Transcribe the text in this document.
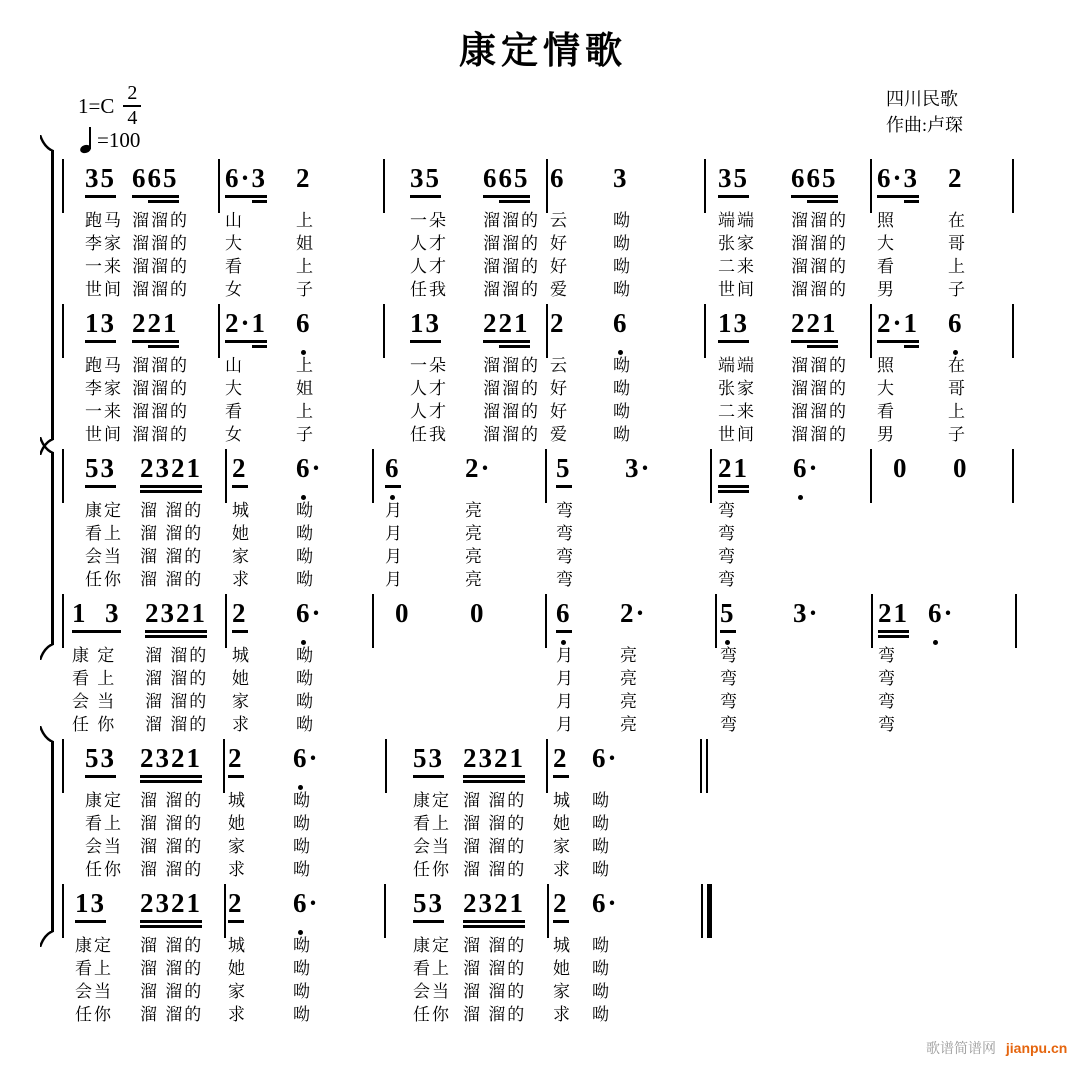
康定情歌
$1=C \frac{2}{4}$
=100
四川民歌
作曲:卢琛
35
跑马
李家
一来
世间
665
溜溜的
溜溜的
溜溜的
溜溜的
6·3
山
大
看
女
2
上
姐
上
子
35
一朵
人才
人才
任我
665
溜溜的
溜溜的
溜溜的
溜溜的
6
云
好
好
爱
3
呦
呦
呦
呦
35
端端
张家
二来
世间
665
溜溜的
溜溜的
溜溜的
溜溜的
6·3
照
大
看
男
2
在
哥
上
子
13
跑马
李家
一来
世间
221
溜溜的
溜溜的
溜溜的
溜溜的
2·1
山
大
看
女
6
上
姐
上
子
13
一朵
人才
人才
任我
221
溜溜的
溜溜的
溜溜的
溜溜的
2
云
好
好
爱
6
呦
呦
呦
呦
13
端端
张家
二来
世间
221
溜溜的
溜溜的
溜溜的
溜溜的
2·1
照
大
看
男
6
在
哥
上
子
53
康定
看上
会当
任你
2321
溜 溜的
溜 溜的
溜 溜的
溜 溜的
2
城
她
家
求
6·
呦
呦
呦
呦
6
月
月
月
月
2·
亮
亮
亮
亮
5
弯
弯
弯
弯
3· 21
弯
弯
弯
弯
6·	0 0
1  3
康 定
看 上
会 当
任 你
2321
溜 溜的
溜 溜的
溜 溜的
溜 溜的
2
城
她
家
求
6·
呦
呦
呦
呦
0 0	6
月
月
月
月
2·
亮
亮
亮
亮
5
弯
弯
弯
弯
3· 21
弯
弯
弯
弯
6·
53
康定
看上
会当
任你
2321
溜 溜的
溜 溜的
溜 溜的
溜 溜的
2
城
她
家
求
6·
呦
呦
呦
呦
53
康定
看上
会当
任你
2321
溜 溜的
溜 溜的
溜 溜的
溜 溜的
2
城
她
家
求
6·
呦
呦
呦
呦
13
康定
看上
会当
任你
2321
溜 溜的
溜 溜的
溜 溜的
溜 溜的
2
城
她
家
求
6·
呦
呦
呦
呦
53
康定
看上
会当
任你
2321
溜 溜的
溜 溜的
溜 溜的
溜 溜的
2
城
她
家
求
6·
呦
呦
呦
呦
歌谱简谱网 jianpu.cn
